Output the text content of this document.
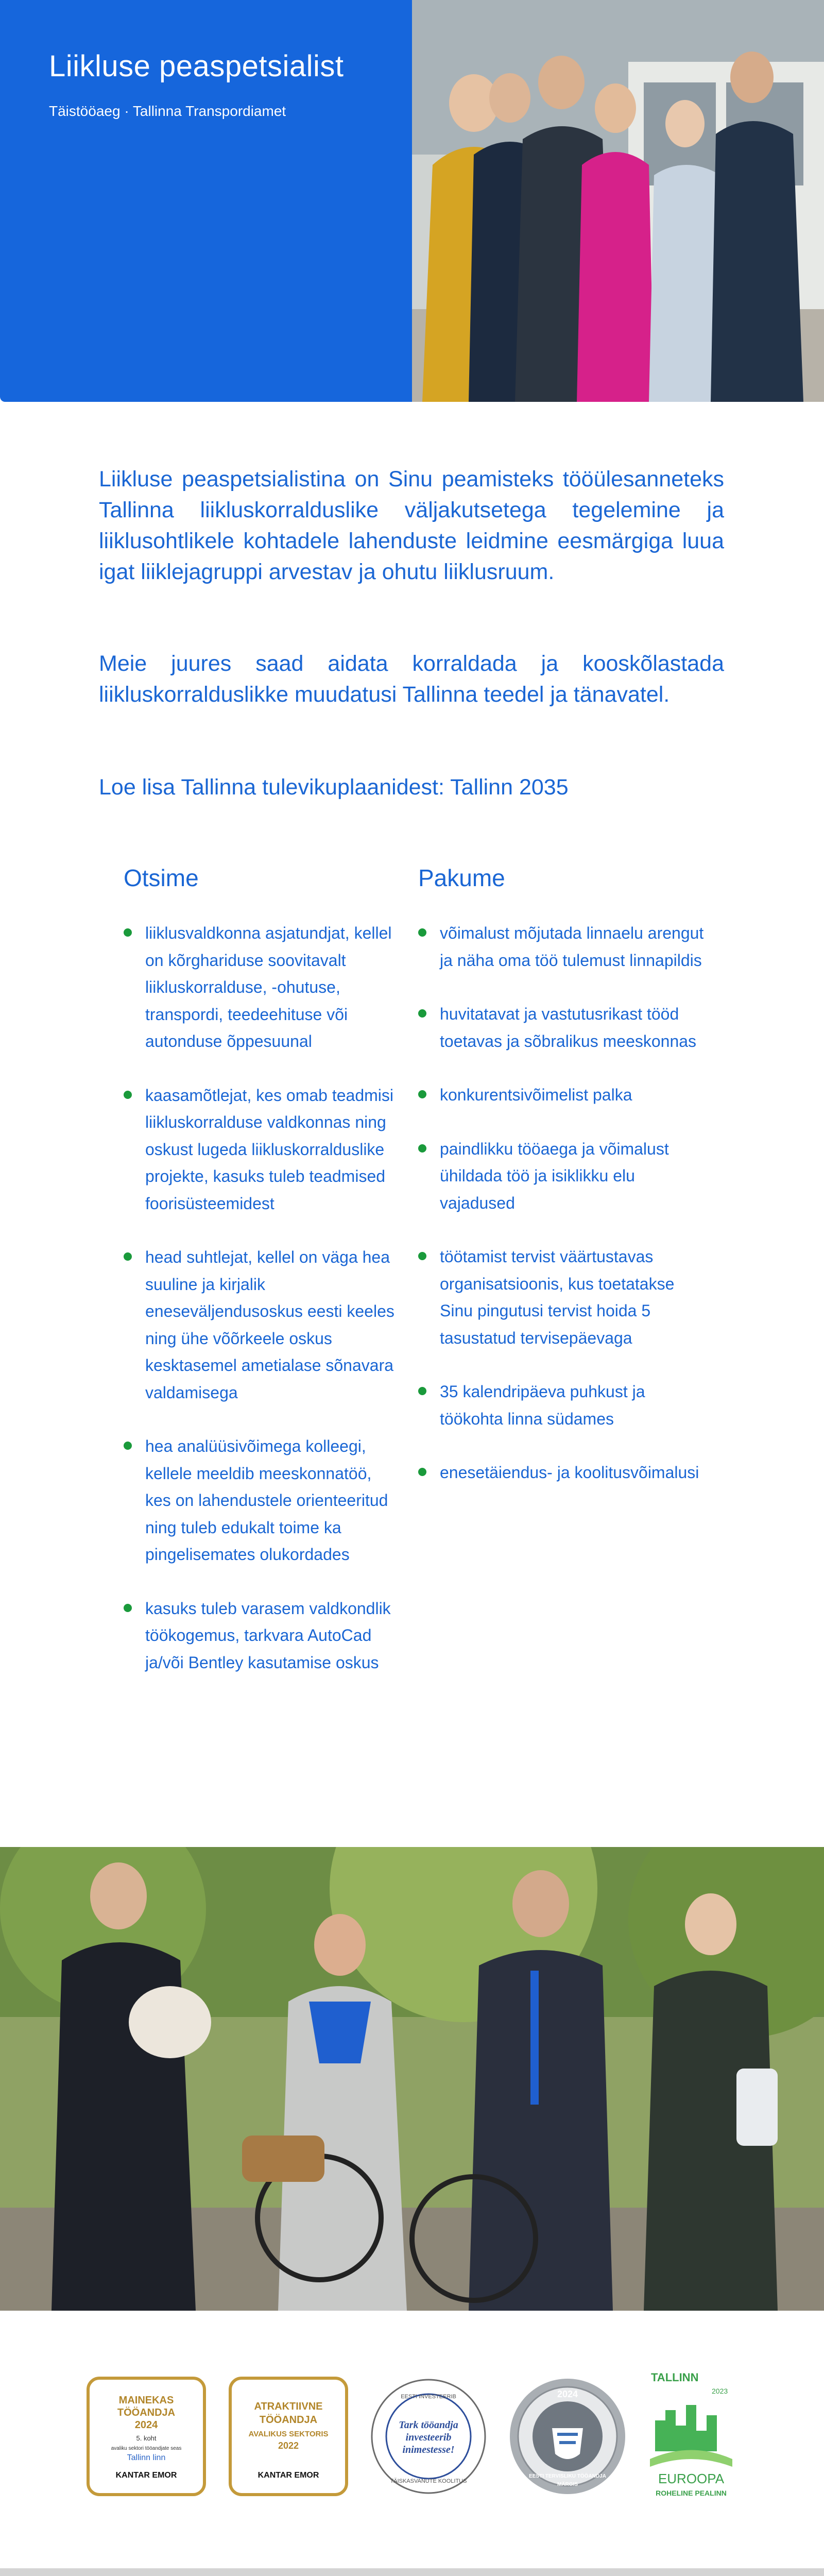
Liikluse peaspetsialist
Täistööaeg · Tallinna Transpordiamet

Liikluse peaspetsialistina on Sinu peamisteks tööülesanneteks Tallinna liikluskorralduslike väljakutsetega tegelemine ja liiklusohtlikele kohtadele lahenduste leidmine eesmärgiga luua igat liiklejagruppi arvestav ja ohutu liiklusruum.

Meie juures saad aidata korraldada ja kooskõlastada liikluskorralduslikke muudatusi Tallinna teedel ja tänavatel.

Loe lisa Tallinna tulevikuplaanidest: Tallinn 2035

Otsime
liiklusvaldkonna asjatundjat, kellel on kõrghariduse soovitavalt liikluskorralduse, -ohutuse, transpordi, teedeehituse või autonduse õppesuunal
kaasamõtlejat, kes omab teadmisi liikluskorralduse valdkonnas ning oskust lugeda liikluskorralduslike projekte, kasuks tuleb teadmised foorisüsteemidest
head suhtlejat, kellel on väga hea suuline ja kirjalik eneseväljendusoskus eesti keeles ning ühe võõrkeele oskus kesktasemel ametialase sõnavara valdamisega
hea analüüsivõimega kolleegi, kellele meeldib meeskonnatöö, kes on lahendustele orienteeritud ning tuleb edukalt toime ka pingelisemates olukordades
kasuks tuleb varasem valdkondlik töökogemus, tarkvara AutoCad ja/või Bentley kasutamise oskus
Pakume
võimalust mõjutada linnaelu arengut ja näha oma töö tulemust linnapildis
huvitatavat ja vastutusrikast tööd toetavas ja sõbralikus meeskonnas
konkurentsivõimelist palka
paindlikku tööaega ja võimalust ühildada töö ja isiklikku elu vajadused
töötamist tervist väärtustavas organisatsioonis, kus toetatakse Sinu pingutusi tervist hoida 5 tasustatud tervisepäevaga
35 kalendripäeva puhkust ja töökohta linna südames
enesetäiendus- ja koolitusvõimalusi
MAINEKAS
TÖÖANDJA
2024
5. koht
avaliku sektori tööandjate seas
Tallinn linn
KANTAR EMOR
ATRAKTIIVNE
TÖÖANDJA
AVALIKUS SEKTORIS
2022
KANTAR EMOR
EESTI INVESTEERIB
Tark tööandja
investeerib
inimestesse!
TÄISKASVANUTE KOOLITUS
2024
EESTI TERVISLIKU TÖÖANDJA
MÄRGIS
TALLINN
2023
EUROOPA
ROHELINE PEALINN
